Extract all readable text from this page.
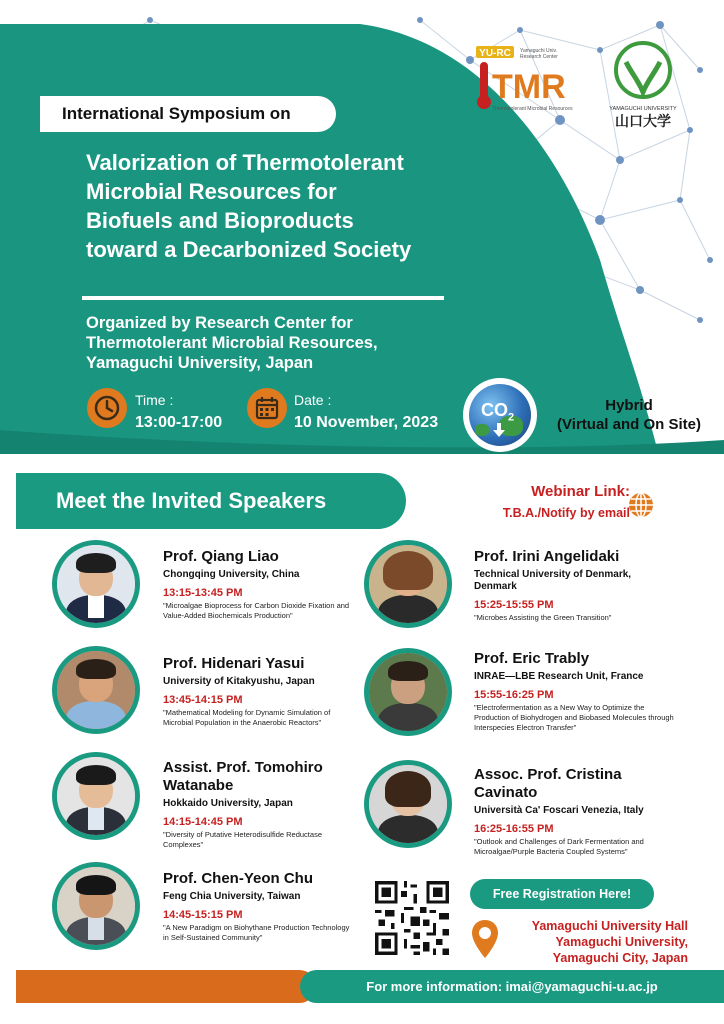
International Symposium on
Valorization of Thermotolerant Microbial Resources for Biofuels and Bioproducts toward a Decarbonized Society
Organized by Research Center for Thermotolerant Microbial Resources, Yamaguchi University, Japan
Time :
13:00-17:00
Date :
10 November, 2023
$CO_2$
Hybrid
(Virtual and On Site)
YU-RC Yamaguchi Univ.
Research Center
TMR
Thermotolerant Microbial Resources	YAMAGUCHI UNIVERSITY
山口大学
Meet the Invited Speakers	Webinar Link:
T.B.A./Notify by email
Prof. Qiang Liao
Chongqing University, China
13:15-13:45 PM
"Microalgae Bioprocess for Carbon Dioxide Fixation and Value-Added Biochemicals Production"
Prof. Hidenari Yasui
University of Kitakyushu, Japan
13:45-14:15 PM
"Mathematical Modeling for Dynamic Simulation of Microbial Population in the Anaerobic Reactors"
Assist. Prof. Tomohiro Watanabe
Hokkaido University, Japan
14:15-14:45 PM
"Diversity of Putative Heterodisulfide Reductase Complexes"
Prof. Chen-Yeon Chu
Feng Chia University, Taiwan
14:45-15:15 PM
"A New Paradigm on Biohythane Production Technology in Self-Sustained Community"
Prof. Irini Angelidaki
Technical University of Denmark, Denmark
15:25-15:55 PM
"Microbes Assisting the Green Transition"
Prof. Eric Trably
INRAE—LBE Research Unit, France
15:55-16:25 PM
"Electrofermentation as a New Way to Optimize the Production of Biohydrogen and Biobased Molecules through Interspecies Electron Transfer"
Assoc. Prof. Cristina Cavinato
Università Ca' Foscari Venezia, Italy
16:25-16:55 PM
"Outlook and Challenges of Dark Fermentation and Microalgae/Purple Bacteria Coupled Systems"
Free Registration Here!
Yamaguchi University Hall
Yamaguchi University,
Yamaguchi City, Japan
For more information: imai@yamaguchi-u.ac.jp
